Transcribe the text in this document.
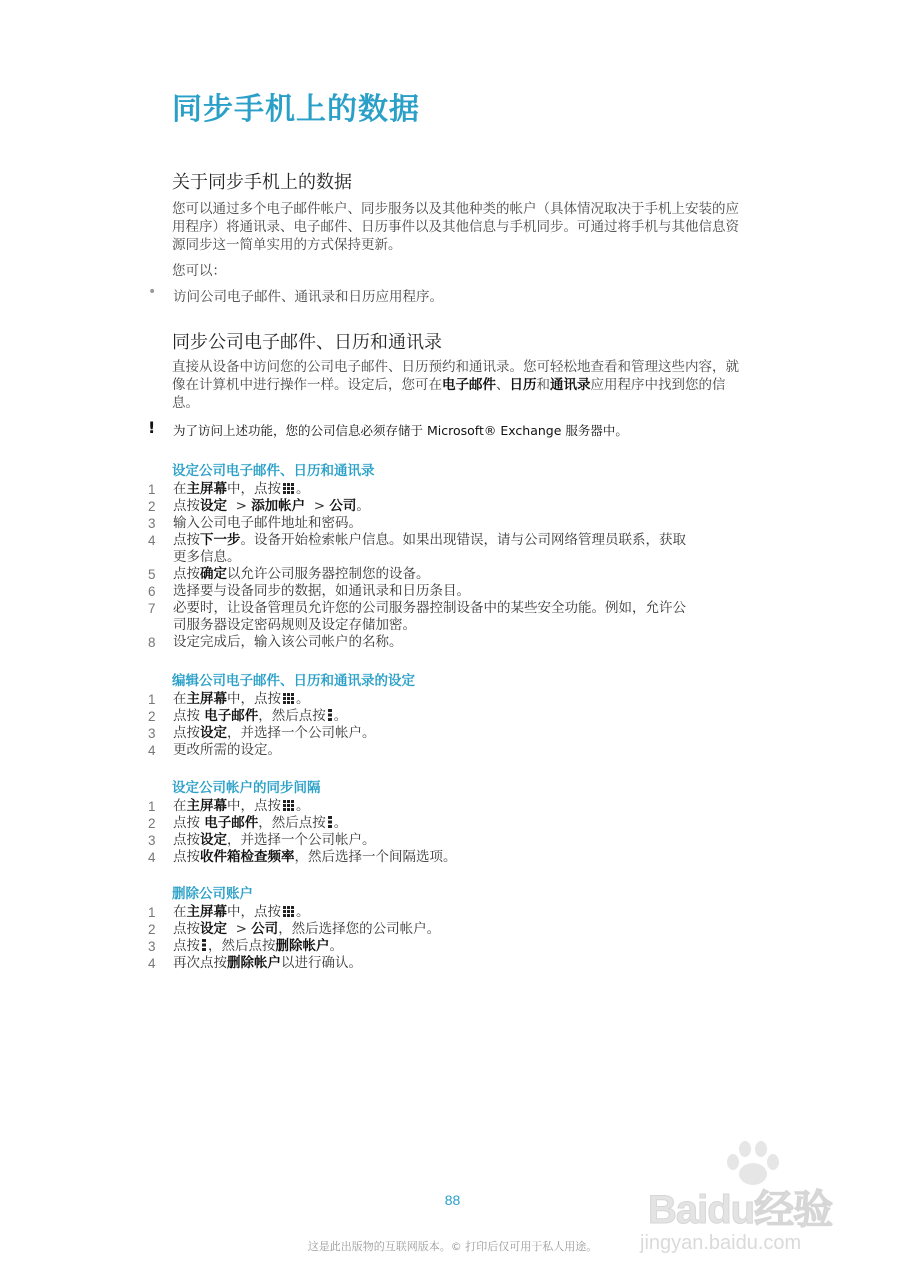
同步手机上的数据
关于同步手机上的数据

您可以通过多个电子邮件帐户、同步服务以及其他种类的帐户（具体情况取决于手机上安装的应用程序）将通讯录、电子邮件、日历事件以及其他信息与手机同步。可通过将手机与其他信息资源同步这一简单实用的方式保持更新。

您可以：

• 访问公司电子邮件、通讯录和日历应用程序。
同步公司电子邮件、日历和通讯录

直接从设备中访问您的公司电子邮件、日历预约和通讯录。您可轻松地查看和管理这些内容，就像在计算机中进行操作一样。设定后，您可在电子邮件、日历和通讯录应用程序中找到您的信息。

! 为了访问上述功能，您的公司信息必须存储于 Microsoft® Exchange 服务器中。
设定公司电子邮件、日历和通讯录
1	在主屏幕中，点按 。
2	点按设定  > 添加帐户  > 公司。
3	输入公司电子邮件地址和密码。
4	点按下一步。设备开始检索帐户信息。如果出现错误，请与公司网络管理员联系，获取更多信息。
5	点按确定以允许公司服务器控制您的设备。
6	选择要与设备同步的数据，如通讯录和日历条目。
7	必要时，让设备管理员允许您的公司服务器控制设备中的某些安全功能。例如，允许公司服务器设定密码规则及设定存储加密。
8	设定完成后，输入该公司帐户的名称。
编辑公司电子邮件、日历和通讯录的设定
1	在主屏幕中，点按 。
2	点按 电子邮件，然后点按 。
3	点按设定，并选择一个公司帐户。
4	更改所需的设定。
设定公司帐户的同步间隔
1	在主屏幕中，点按 。
2	点按 电子邮件，然后点按 。
3	点按设定，并选择一个公司帐户。
4	点按收件箱检查频率，然后选择一个间隔选项。
删除公司账户
1	在主屏幕中，点按 。
2	点按设定  > 公司，然后选择您的公司帐户。
3	点按 ，然后点按删除帐户。
4	再次点按删除帐户以进行确认。
88
这是此出版物的互联网版本。© 打印后仅可用于私人用途。
Baidu经验
jingyan.baidu.com
